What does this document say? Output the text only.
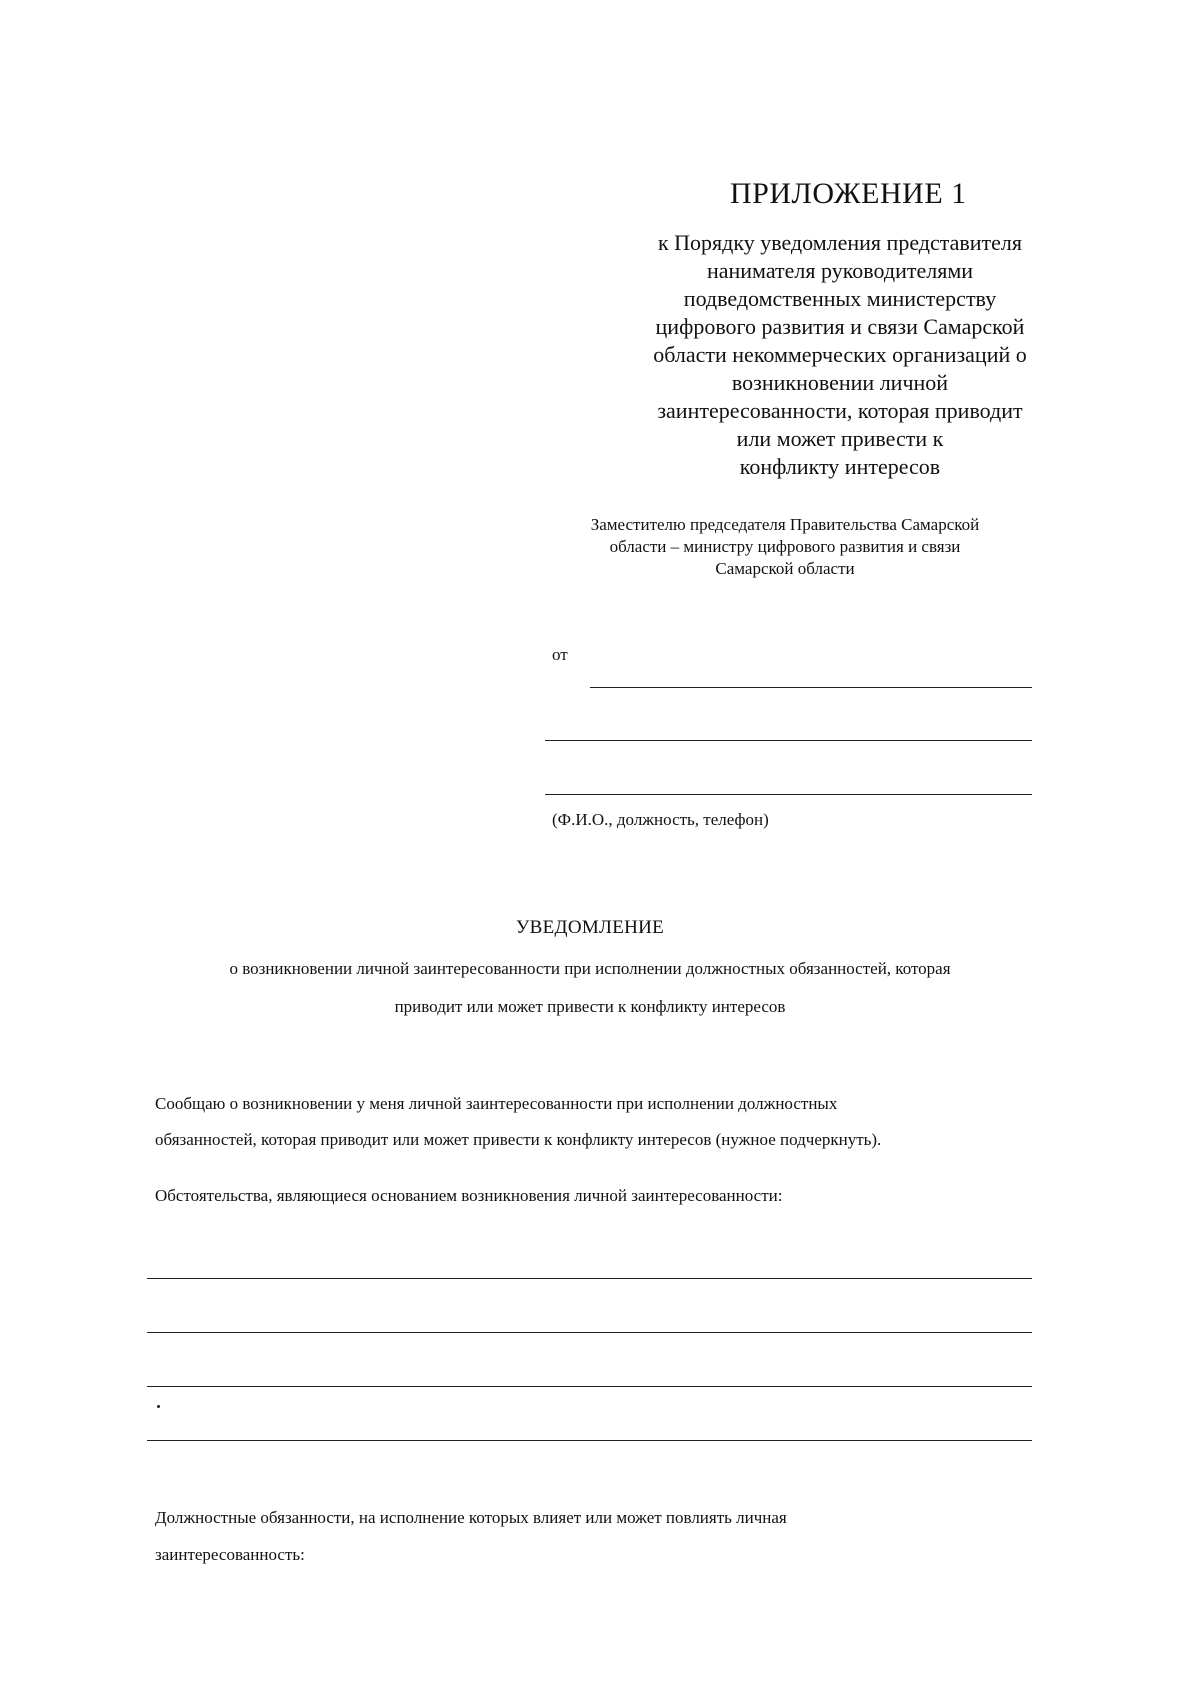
ПРИЛОЖЕНИЕ 1
к Порядку уведомления представителя
нанимателя руководителями
подведомственных министерству
цифрового развития и связи Самарской
области некоммерческих организаций о
возникновении личной
заинтересованности, которая приводит
или может привести к
конфликту интересов
Заместителю председателя Правительства Самарской
области – министру цифрового развития и связи
Самарской области
от
(Ф.И.О., должность, телефон)
УВЕДОМЛЕНИЕ
о возникновении личной заинтересованности при исполнении должностных обязанностей, которая
приводит или может привести к конфликту интересов
Сообщаю о возникновении у меня личной заинтересованности при исполнении должностных
обязанностей, которая приводит или может привести к конфликту интересов (нужное подчеркнуть).
Обстоятельства, являющиеся основанием возникновения личной заинтересованности:
Должностные обязанности, на исполнение которых влияет или может повлиять личная
заинтересованность:
